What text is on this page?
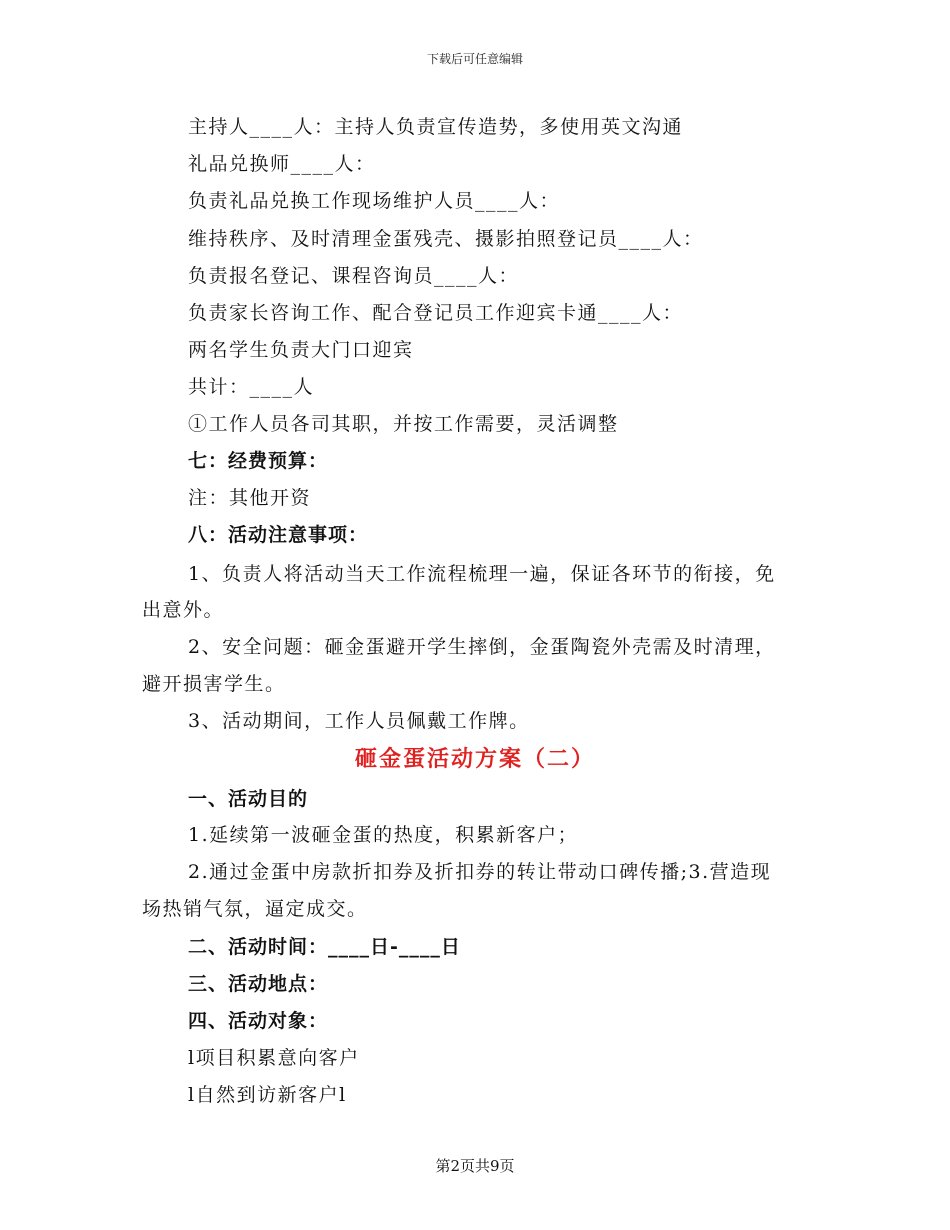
下载后可任意编辑
主持人____人：主持人负责宣传造势，多使用英文沟通
礼品兑换师____人：
负责礼品兑换工作现场维护人员____人：
维持秩序、及时清理金蛋残壳、摄影拍照登记员____人：
负责报名登记、课程咨询员____人：
负责家长咨询工作、配合登记员工作迎宾卡通____人：
两名学生负责大门口迎宾
共计：____人
①工作人员各司其职，并按工作需要，灵活调整
七：经费预算：
注：其他开资
八：活动注意事项：
1、负责人将活动当天工作流程梳理一遍，保证各环节的衔接，免
出意外。
2、安全问题：砸金蛋避开学生摔倒，金蛋陶瓷外壳需及时清理，
避开损害学生。
3、活动期间，工作人员佩戴工作牌。
砸金蛋活动方案（二）
一、活动目的
1.延续第一波砸金蛋的热度，积累新客户；
2.通过金蛋中房款折扣券及折扣券的转让带动口碑传播;3.营造现
场热销气氛，逼定成交。
二、活动时间：____日-____日
三、活动地点：
四、活动对象：
l项目积累意向客户
l自然到访新客户l
第2页共9页
